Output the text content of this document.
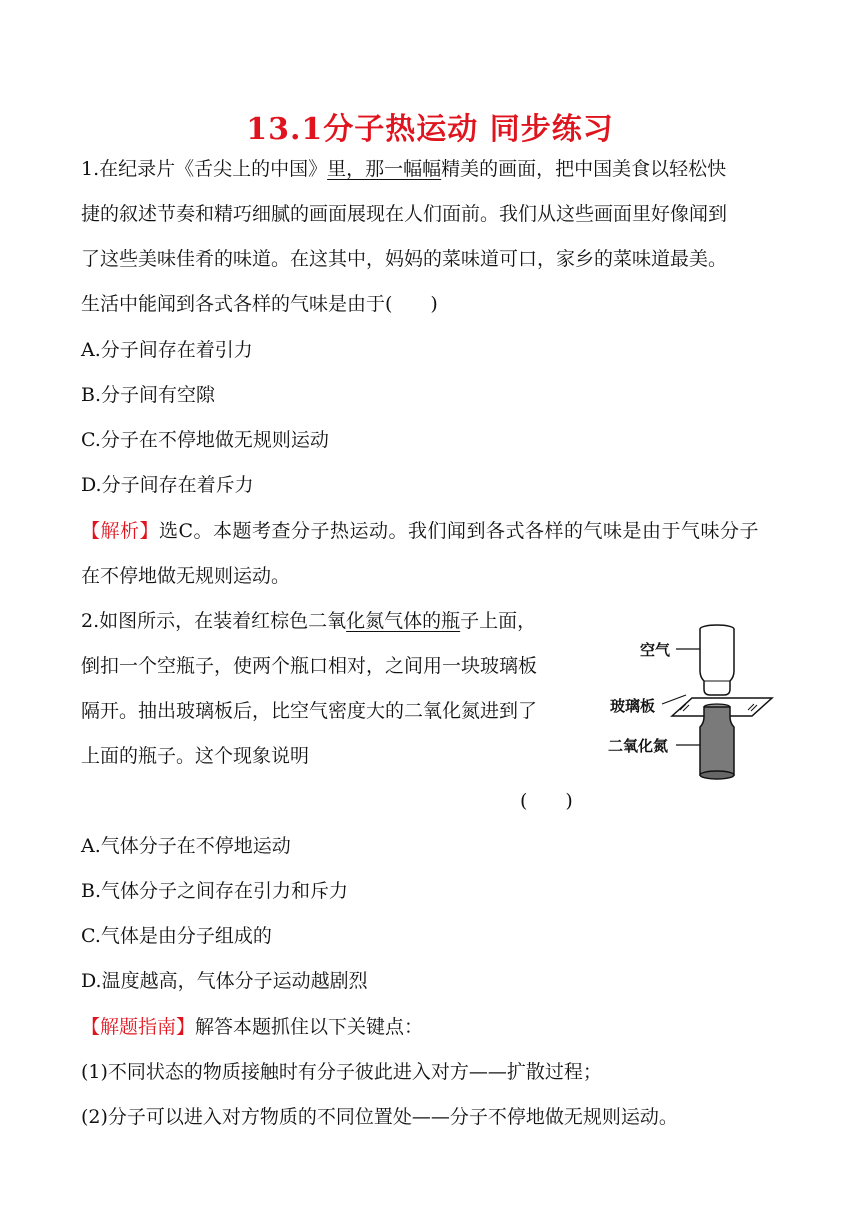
13.1分子热运动 同步练习
1.在纪录片《舌尖上的中国》里，那一幅幅精美的画面，把中国美食以轻松快
捷的叙述节奏和精巧细腻的画面展现在人们面前。我们从这些画面里好像闻到
了这些美味佳肴的味道。在这其中，妈妈的菜味道可口，家乡的菜味道最美。
生活中能闻到各式各样的气味是由于(　　)
A.分子间存在着引力
B.分子间有空隙
C.分子在不停地做无规则运动
D.分子间存在着斥力
【解析】选C。本题考查分子热运动。我们闻到各式各样的气味是由于气味分子
在不停地做无规则运动。
2.如图所示，在装着红棕色二氧化氮气体的瓶子上面，
倒扣一个空瓶子，使两个瓶口相对，之间用一块玻璃板
隔开。抽出玻璃板后，比空气密度大的二氧化氮进到了
上面的瓶子。这个现象说明
(　　)
空气
玻璃板
二氧化氮
A.气体分子在不停地运动
B.气体分子之间存在引力和斥力
C.气体是由分子组成的
D.温度越高，气体分子运动越剧烈
【解题指南】解答本题抓住以下关键点：
(1)不同状态的物质接触时有分子彼此进入对方——扩散过程；
(2)分子可以进入对方物质的不同位置处——分子不停地做无规则运动。
